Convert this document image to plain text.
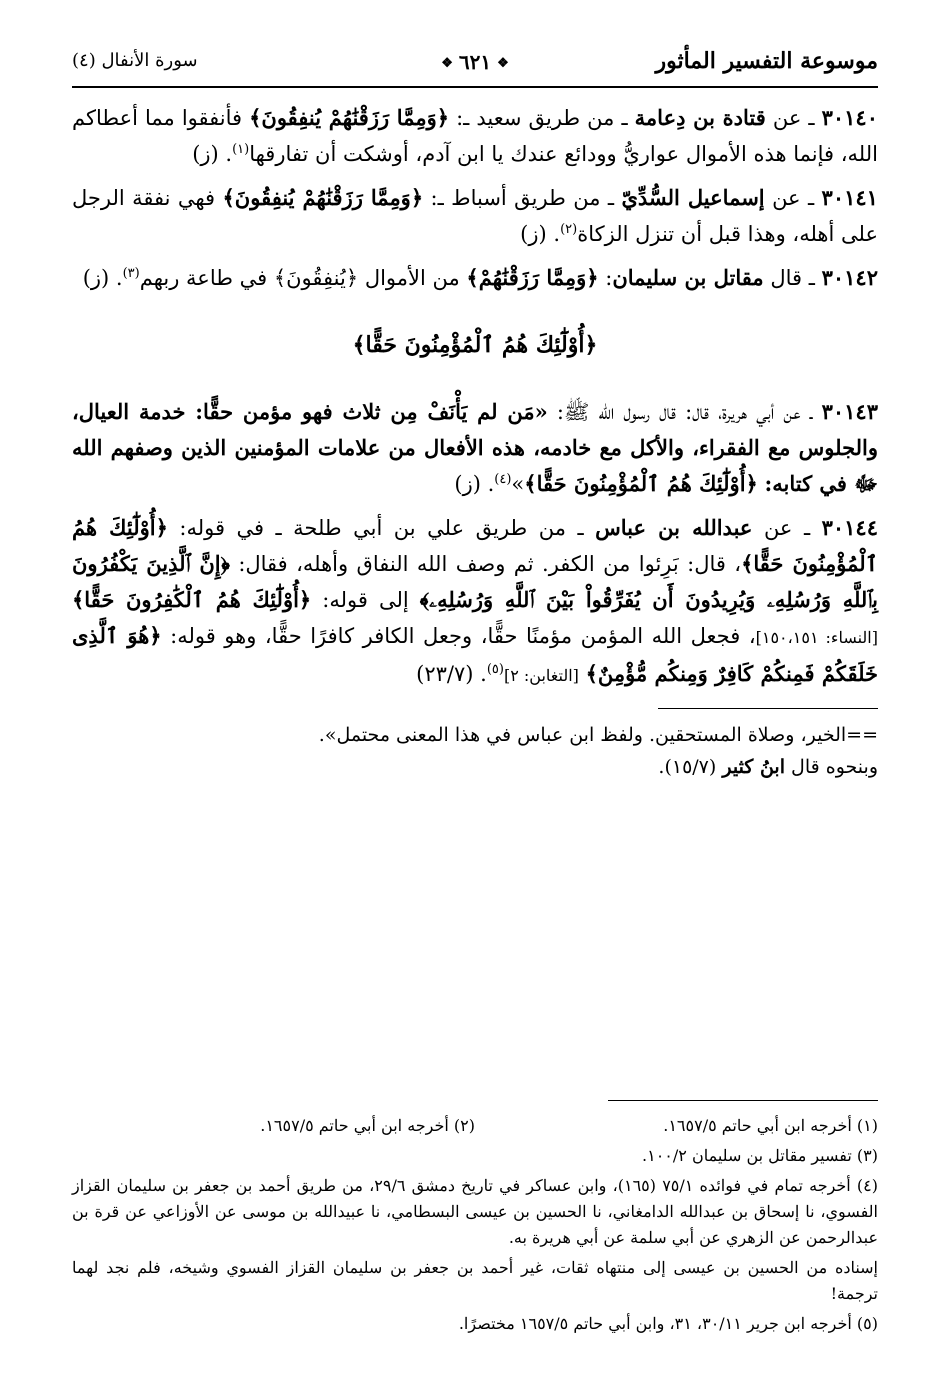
موسوعة التفسير المأثور
❖٦٢١❖
سورة الأنفال (٤)

٣٠١٤٠ ـ عن قتادة بن دِعامة ـ من طريق سعيد ـ: ﴿وَمِمَّا رَزَقْنَٰهُمْ يُنفِقُونَ﴾ فأنفقوا مما أعطاكم الله، فإنما هذه الأموال عواريُّ وودائع عندك يا ابن آدم، أوشكت أن تفارقها$^{(١)}$. (ز)

٣٠١٤١ ـ عن إسماعيل السُّدِّيّ ـ من طريق أسباط ـ: ﴿وَمِمَّا رَزَقْنَٰهُمْ يُنفِقُونَ﴾ فهي نفقة الرجل على أهله، وهذا قبل أن تنزل الزكاة$^{(٢)}$. (ز)

٣٠١٤٢ ـ قال مقاتل بن سليمان: ﴿وَمِمَّا رَزَقْنَٰهُمْ﴾ من الأموال ﴿يُنفِقُونَ﴾ في طاعة ربهم$^{(٣)}$. (ز)

﴿أُوْلَٰٓئِكَ هُمُ ٱلْمُؤْمِنُونَ حَقًّا﴾

٣٠١٤٣ ـ عن أبي هريرة، قال: قال رسول الله ﷺ: «مَن لم يَأْنَفْ مِن ثلاث فهو مؤمن حقًّا: خدمة العيال، والجلوس مع الفقراء، والأكل مع خادمه، هذه الأفعال من علامات المؤمنين الذين وصفهم الله ﷻ في كتابه: ﴿أُوْلَٰٓئِكَ هُمُ ٱلْمُؤْمِنُونَ حَقًّا﴾»$^{(٤)}$. (ز)

٣٠١٤٤ ـ عن عبدالله بن عباس ـ من طريق علي بن أبي طلحة ـ في قوله: ﴿أُوْلَٰٓئِكَ هُمُ ٱلْمُؤْمِنُونَ حَقًّا﴾، قال: بَرِئوا من الكفر. ثم وصف الله النفاق وأهله، فقال: ﴿إِنَّ ٱلَّذِينَ يَكْفُرُونَ بِٱللَّهِ وَرُسُلِهِۦ وَيُرِيدُونَ أَن يُفَرِّقُواْ بَيْنَ ٱللَّهِ وَرُسُلِهِۦ﴾ إلى قوله: ﴿أُوْلَٰٓئِكَ هُمُ ٱلْكَٰفِرُونَ حَقًّا﴾ [النساء: ١٥٠،١٥١]، فجعل الله المؤمن مؤمنًا حقًّا، وجعل الكافر كافرًا حقًّا، وهو قوله: ﴿هُوَ ٱلَّذِى خَلَقَكُمْ فَمِنكُمْ كَافِرٌ وَمِنكُم مُّؤْمِنٌ﴾ [التغابن: ٢]$^{(٥)}$. (٢٣/٧)

==الخير، وصلاة المستحقين. ولفظ ابن عباس في هذا المعنى محتمل».

وبنحوه قال ابنُ كثير (١٥/٧).

(١) أخرجه ابن أبي حاتم ١٦٥٧/٥.
(٢) أخرجه ابن أبي حاتم ١٦٥٧/٥.

(٣) تفسير مقاتل بن سليمان ١٠٠/٢.

(٤) أخرجه تمام في فوائده ٧٥/١ (١٦٥)، وابن عساكر في تاريخ دمشق ٢٩/٦، من طريق أحمد بن جعفر بن سليمان القزاز الفسوي، نا إسحاق بن عبدالله الدامغاني، نا الحسين بن عيسى البسطامي، نا عبيدالله بن موسى عن الأوزاعي عن قرة بن عبدالرحمن عن الزهري عن أبي سلمة عن أبي هريرة به.

إسناده من الحسين بن عيسى إلى منتهاه ثقات، غير أحمد بن جعفر بن سليمان القزاز الفسوي وشيخه، فلم نجد لهما ترجمة!

(٥) أخرجه ابن جرير ٣٠/١١، ٣١، وابن أبي حاتم ١٦٥٧/٥ مختصرًا.
